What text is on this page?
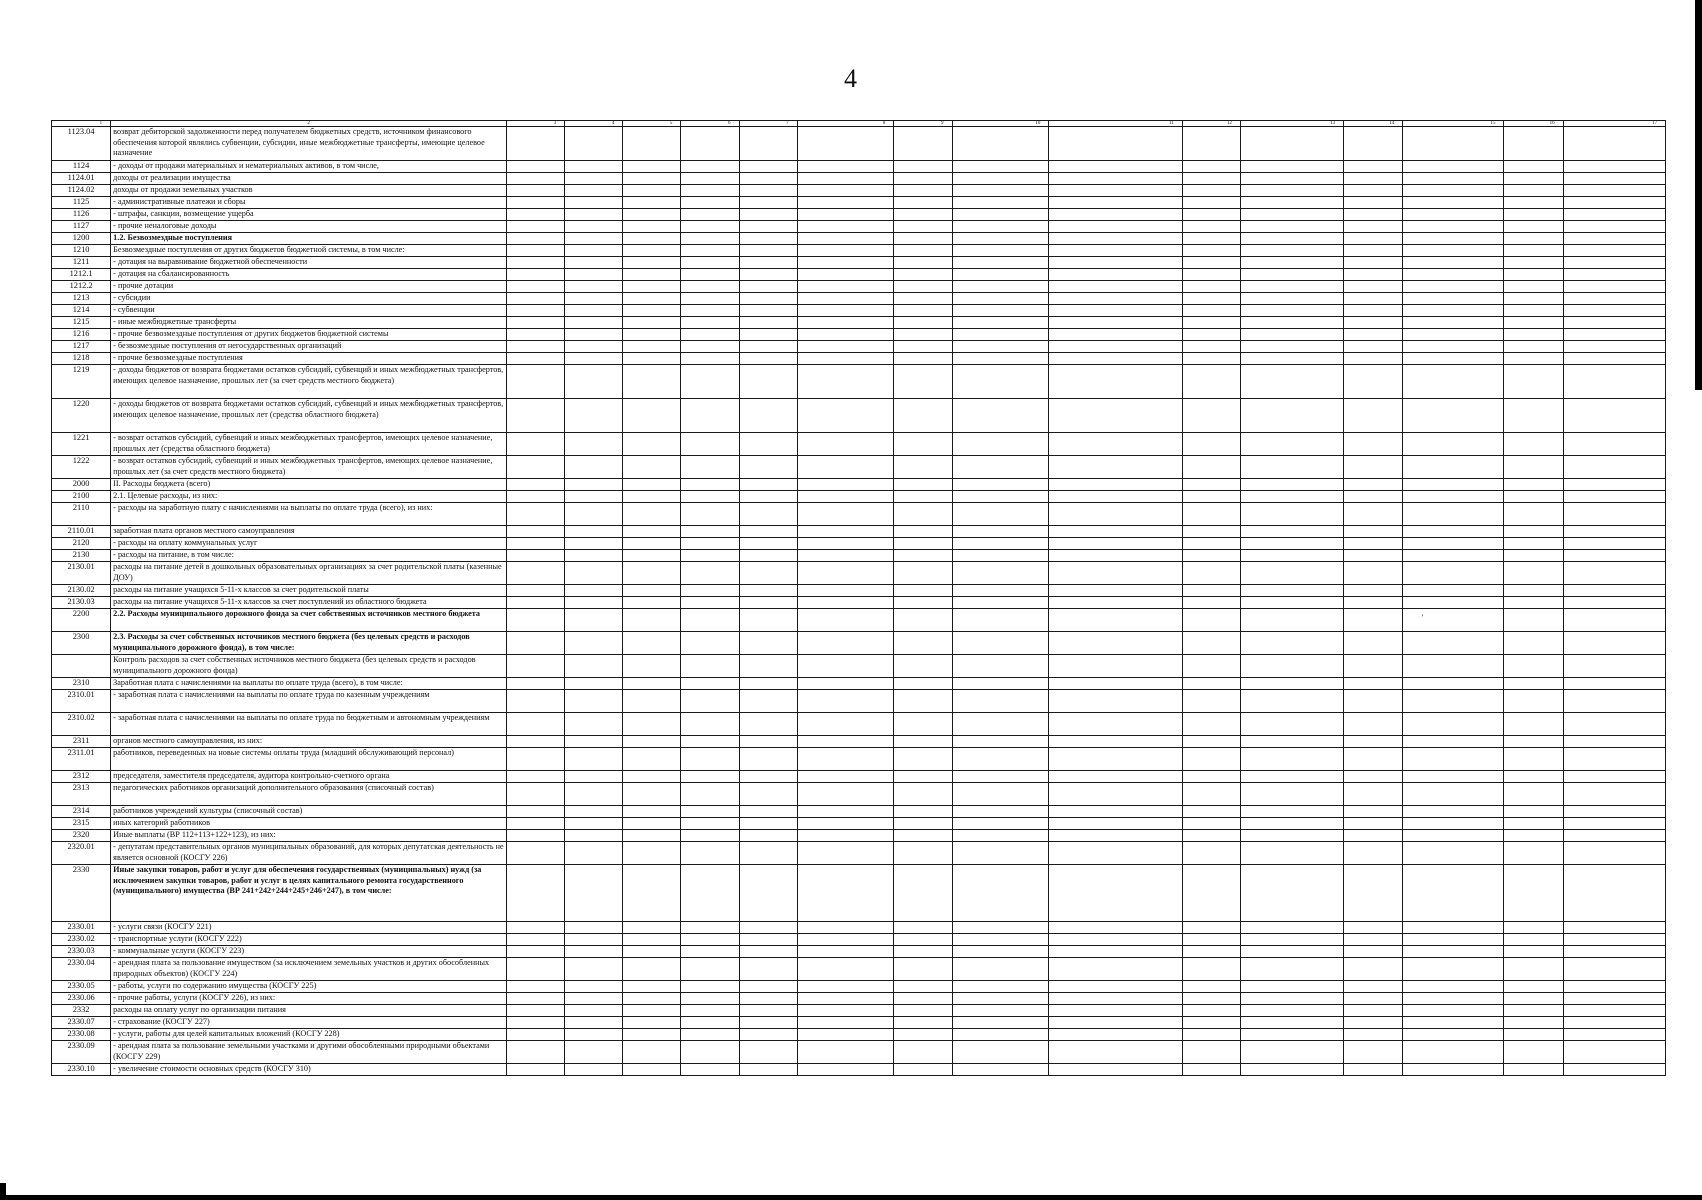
4
1	2	3	4	5	6	7	8	9	10	11	12	13	14	15	16	17
1123.04	возврат дебиторской задолженности перед получателем бюджетных средств, источником финансового обеспечения которой являлись субвенции, субсидии, иные межбюджетные трансферты, имеющие целевое назначение															
1124	- доходы от продажи материальных и нематериальных активов, в том числе,															
1124.01	доходы от реализации имущества															
1124.02	доходы от продажи земельных участков															
1125	- административные платежи и сборы															
1126	- штрафы, санкции, возмещение ущерба															
1127	- прочие неналоговые доходы															
1200	1.2. Безвозмездные поступления															
1210	Безвозмездные поступления от других бюджетов бюджетной системы, в том числе:															
1211	- дотация на выравнивание бюджетной обеспеченности															
1212.1	- дотация на сбалансированность															
1212.2	- прочие дотации															
1213	- субсидии															
1214	- субвенции															
1215	- иные межбюджетные трансферты															
1216	- прочие безвозмездные поступления от других бюджетов бюджетной системы															
1217	- безвозмездные поступления от негосударственных организаций															
1218	- прочие безвозмездные поступления															
1219	- доходы бюджетов от возврата бюджетами остатков субсидий, субвенций и иных межбюджетных трансфертов, имеющих целевое назначение, прошлых лет (за счет средств местного бюджета)															
1220	- доходы бюджетов от возврата бюджетами остатков субсидий, субвенций и иных межбюджетных трансфертов, имеющих целевое назначение, прошлых лет (средства областного бюджета)															
1221	- возврат остатков субсидий, субвенций и иных межбюджетных трансфертов, имеющих целевое назначение, прошлых лет (средства областного бюджета)															
1222	- возврат остатков субсидий, субвенций и иных межбюджетных трансфертов, имеющих целевое назначение, прошлых лет (за счет средств местного бюджета)															
2000	II. Расходы бюджета (всего)															
2100	2.1. Целевые расходы, из них:															
2110	- расходы на заработную плату с начислениями на выплаты по оплате труда (всего), из них:															
2110.01	заработная плата органов местного самоуправления															
2120	- расходы на оплату коммунальных услуг															
2130	- расходы на питание, в том числе:															
2130.01	расходы на питание детей в дошкольных образовательных организациях за счет родительской платы (казенные ДОУ)															
2130.02	расходы на питание учащихся 5-11-х классов за счет родительской платы															
2130.03	расходы на питание учащихся 5-11-х классов за счет поступлений из областного бюджета															
2200	2.2. Расходы муниципального дорожного фонда за счет собственных источников местного бюджета															
2300	2.3. Расходы за счет собственных источников местного бюджета (без целевых средств и расходов муниципального дорожного фонда), в том числе:															
	Контроль расходов за счет собственных источников местного бюджета (без целевых средств и расходов муниципального дорожного фонда)															
2310	Заработная плата с начислениями на выплаты по оплате труда (всего), в том числе:															
2310.01	- заработная плата с начислениями на выплаты по оплате труда по казенным учреждениям															
2310.02	- заработная плата с начислениями на выплаты по оплате труда по бюджетным и автономным учреждениям															
2311	органов местного самоуправления, из них:															
2311.01	работников, переведенных на новые системы оплаты труда (младший обслуживающий персонал)															
2312	председателя, заместителя председателя, аудитора контрольно-счетного органа															
2313	педагогических работников организаций дополнительного образования (списочный состав)															
2314	работников учреждений культуры (списочный состав)															
2315	иных категорий работников															
2320	Иные выплаты (ВР 112+113+122+123), из них:															
2320.01	- депутатам представительных органов муниципальных образований, для которых депутатская деятельность не является основной (КОСГУ 226)															
2330	Иные закупки товаров, работ и услуг для обеспечения государственных (муниципальных) нужд (за исключением закупки товаров, работ и услуг в целях капитального ремонта государственного (муниципального) имущества (ВР 241+242+244+245+246+247), в том числе:															
2330.01	- услуги связи (КОСГУ 221)															
2330.02	- транспортные услуги (КОСГУ 222)															
2330.03	- коммунальные услуги (КОСГУ 223)															
2330.04	- арендная плата за пользование имуществом (за исключением земельных участков и других обособленных природных объектов) (КОСГУ 224)															
2330.05	- работы, услуги по содержанию имущества (КОСГУ 225)															
2330.06	- прочие работы, услуги (КОСГУ 226), из них:															
2332	расходы на оплату услуг по организации питания															
2330.07	- страхование (КОСГУ 227)															
2330.08	- услуги, работы для целей капитальных вложений (КОСГУ 228)															
2330.09	- арендная плата за пользование земельными участками и другими обособленными природными объектами (КОСГУ 229)															
2330.10	- увеличение стоимости основных средств (КОСГУ 310)															
'
